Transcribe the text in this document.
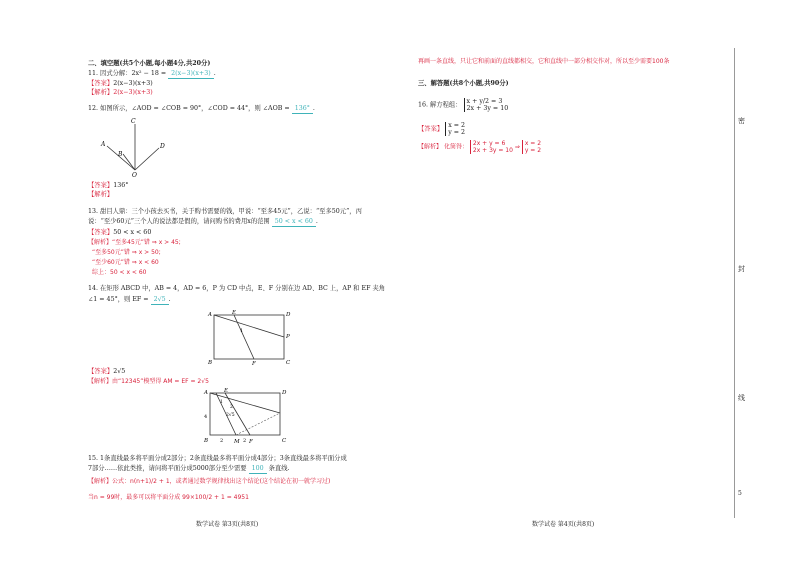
二、填空题(共5个小题,每小题4分,共20分)
11. 因式分解：2x² − 18 = 2(x−3)(x+3) .
【答案】2(x−3)(x+3)
【解析】2(x−3)(x+3)
12. 如图所示，∠AOD = ∠COB = 90°，∠COD = 44°，则 ∠AOB = 136° .
C
A	D
B
O
【答案】136°
【解析】
13. 甜目人鼎：三个小孩去买书，关于购书需要的钱，甲说：“至多45元”，乙说：“至多50元”，丙
说：“至少60元”三个人的说法都是假的，请问购书的费用x的范围 50 < x < 60 .
【答案】50 < x < 60
【解析】“至多45元”错 ⇒ x > 45;
“至多50元”错 ⇒ x > 50;
“至少60元”错 ⇒ x < 60
综上：50 < x < 60
14. 在矩形 ABCD 中，AB = 4，AD = 6，P 为 CD 中点，E、F 分别在边 AD、BC 上，AP 和 EF 夹角
∠1 = 45°，则 EF = 2√5 .
A	E	D
B	F	C
P
1
【答案】2√5
【解析】由“12345”模型得 AM = EF = 2√5
A	E	D
B	M F	C
4
2	2
2√5
1
2
15. 1条直线最多将平面分成2部分；2条直线最多将平面分成4部分；3条直线最多将平面分成
7部分……依此类推，请问将平面分成5000部分至少需要 100 条直线.
【解析】公式：n(n+1)/2 + 1，或者通过数学规律找出这个结论(这个结论在初一就学习过)
当n = 99时，最多可以将平面分成 99×100/2 + 1 = 4951
数学试卷 第3页(共8页)
再画一条直线，只让它和前面的直线都相交，它和直线中一部分相交作对，所以至少需要100条
三、解答题(共8个小题,共90分)
16. 解方程组： x + y/2 = 3
2x + 3y = 10
【答案】 x = 2
y = 2
【解析】 化简得： 2x + y = 6
2x + 3y = 10 ⇒ x = 2
y = 2
数学试卷 第4页(共8页)
密
封
线
5
